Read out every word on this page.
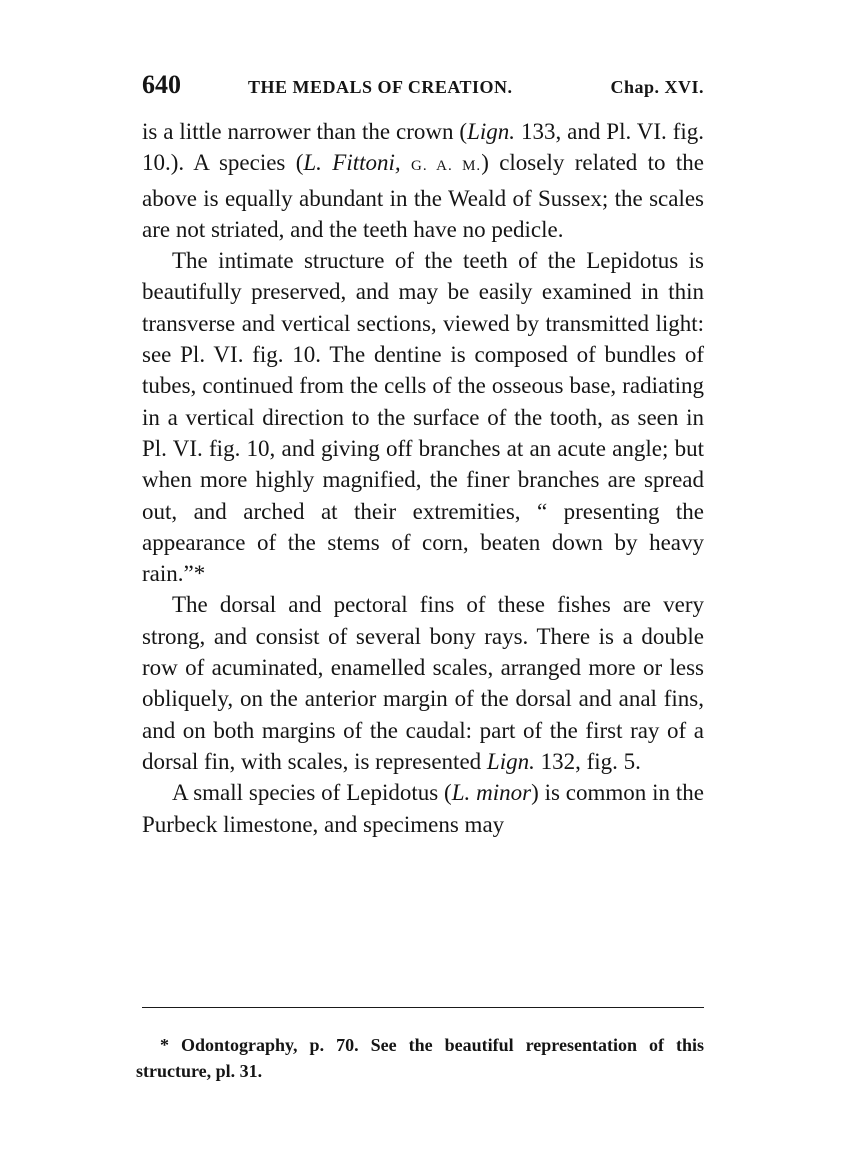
640	THE MEDALS OF CREATION.	Chap. XVI.

is a little narrower than the crown (Lign. 133, and Pl. VI. fig. 10.). A species (L. Fittoni, G. A. M.) closely related to the above is equally abundant in the Weald of Sussex; the scales are not striated, and the teeth have no pedicle.

The intimate structure of the teeth of the Lepidotus is beautifully preserved, and may be easily examined in thin transverse and vertical sections, viewed by transmitted light: see Pl. VI. fig. 10. The dentine is composed of bundles of tubes, continued from the cells of the osseous base, radiating in a vertical direction to the surface of the tooth, as seen in Pl. VI. fig. 10, and giving off branches at an acute angle; but when more highly magnified, the finer branches are spread out, and arched at their extremities, “ presenting the appearance of the stems of corn, beaten down by heavy rain.”*

The dorsal and pectoral fins of these fishes are very strong, and consist of several bony rays. There is a double row of acuminated, enamelled scales, arranged more or less obliquely, on the anterior margin of the dorsal and anal fins, and on both margins of the caudal: part of the first ray of a dorsal fin, with scales, is represented Lign. 132, fig. 5.

A small species of Lepidotus (L. minor) is common in the Purbeck limestone, and specimens may

* Odontography, p. 70. See the beautiful representation of this structure, pl. 31.
